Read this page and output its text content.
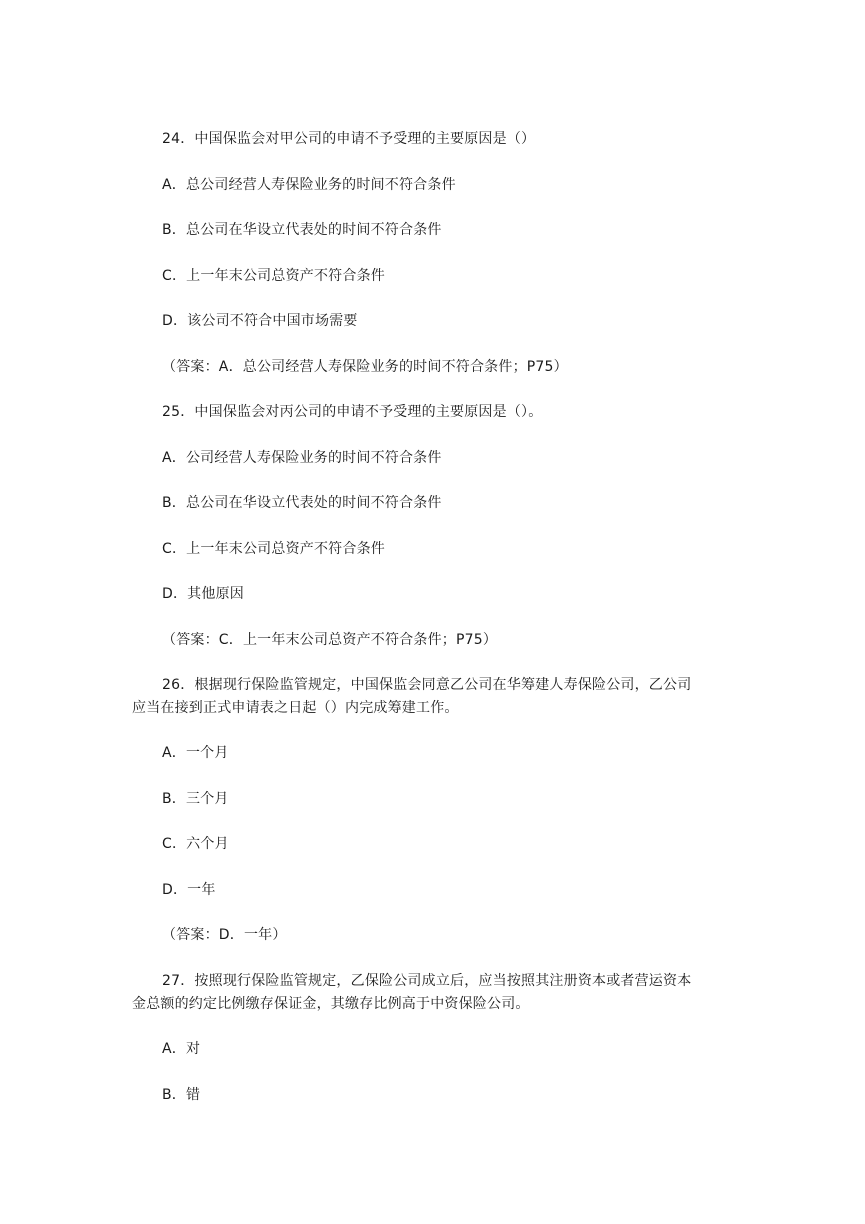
24．中国保监会对甲公司的申请不予受理的主要原因是（）
A．总公司经营人寿保险业务的时间不符合条件
B．总公司在华设立代表处的时间不符合条件
C．上一年末公司总资产不符合条件
D．该公司不符合中国市场需要
（答案：A．总公司经营人寿保险业务的时间不符合条件；P75）
25．中国保监会对丙公司的申请不予受理的主要原因是（）。
A．公司经营人寿保险业务的时间不符合条件
B．总公司在华设立代表处的时间不符合条件
C．上一年末公司总资产不符合条件
D．其他原因
（答案：C．上一年末公司总资产不符合条件；P75）
26．根据现行保险监管规定，中国保监会同意乙公司在华筹建人寿保险公司，乙公司
应当在接到正式申请表之日起（）内完成筹建工作。
A．一个月
B．三个月
C．六个月
D．一年
（答案：D．一年）
27．按照现行保险监管规定，乙保险公司成立后，应当按照其注册资本或者营运资本
金总额的约定比例缴存保证金，其缴存比例高于中资保险公司。
A．对
B．错
